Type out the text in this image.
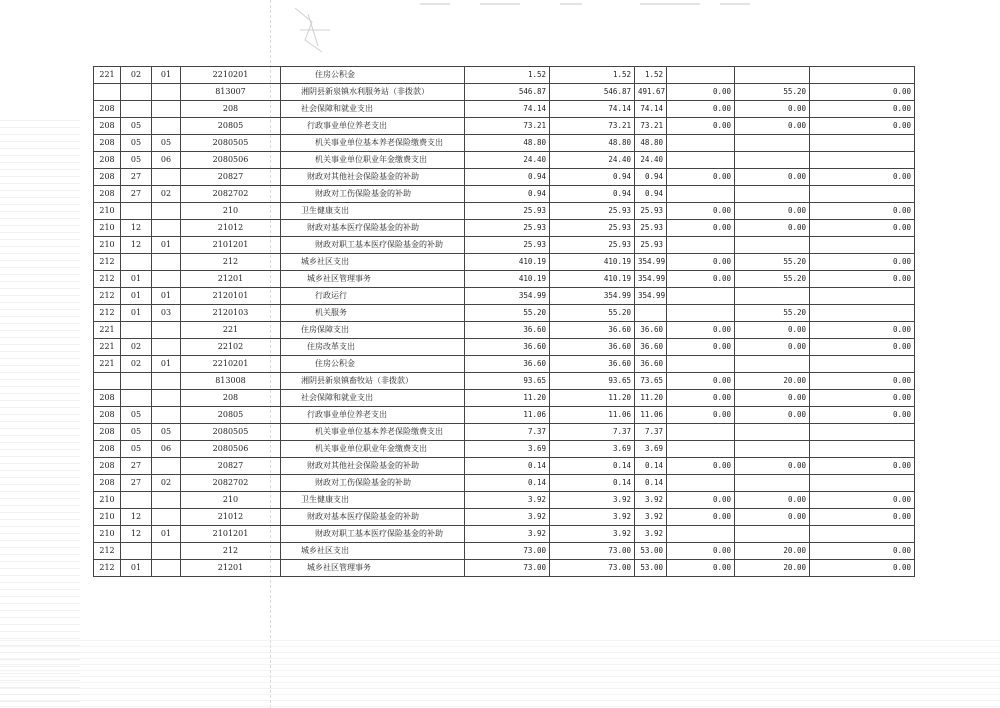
221	02	01	2210201	住房公积金	1.52	1.52	1.52			
			813007	湘阴县新泉镇水利服务站（非拨款）	546.87	546.87	491.67	0.00	55.20	0.00
208			208	社会保障和就业支出	74.14	74.14	74.14	0.00	0.00	0.00
208	05		20805	行政事业单位养老支出	73.21	73.21	73.21	0.00	0.00	0.00
208	05	05	2080505	机关事业单位基本养老保险缴费支出	48.80	48.80	48.80			
208	05	06	2080506	机关事业单位职业年金缴费支出	24.40	24.40	24.40			
208	27		20827	财政对其他社会保险基金的补助	0.94	0.94	0.94	0.00	0.00	0.00
208	27	02	2082702	财政对工伤保险基金的补助	0.94	0.94	0.94			
210			210	卫生健康支出	25.93	25.93	25.93	0.00	0.00	0.00
210	12		21012	财政对基本医疗保险基金的补助	25.93	25.93	25.93	0.00	0.00	0.00
210	12	01	2101201	财政对职工基本医疗保险基金的补助	25.93	25.93	25.93			
212			212	城乡社区支出	410.19	410.19	354.99	0.00	55.20	0.00
212	01		21201	城乡社区管理事务	410.19	410.19	354.99	0.00	55.20	0.00
212	01	01	2120101	行政运行	354.99	354.99	354.99			
212	01	03	2120103	机关服务	55.20	55.20			55.20	
221			221	住房保障支出	36.60	36.60	36.60	0.00	0.00	0.00
221	02		22102	住房改革支出	36.60	36.60	36.60	0.00	0.00	0.00
221	02	01	2210201	住房公积金	36.60	36.60	36.60			
			813008	湘阴县新泉镇畜牧站（非拨款）	93.65	93.65	73.65	0.00	20.00	0.00
208			208	社会保障和就业支出	11.20	11.20	11.20	0.00	0.00	0.00
208	05		20805	行政事业单位养老支出	11.06	11.06	11.06	0.00	0.00	0.00
208	05	05	2080505	机关事业单位基本养老保险缴费支出	7.37	7.37	7.37			
208	05	06	2080506	机关事业单位职业年金缴费支出	3.69	3.69	3.69			
208	27		20827	财政对其他社会保险基金的补助	0.14	0.14	0.14	0.00	0.00	0.00
208	27	02	2082702	财政对工伤保险基金的补助	0.14	0.14	0.14			
210			210	卫生健康支出	3.92	3.92	3.92	0.00	0.00	0.00
210	12		21012	财政对基本医疗保险基金的补助	3.92	3.92	3.92	0.00	0.00	0.00
210	12	01	2101201	财政对职工基本医疗保险基金的补助	3.92	3.92	3.92			
212			212	城乡社区支出	73.00	73.00	53.00	0.00	20.00	0.00
212	01		21201	城乡社区管理事务	73.00	73.00	53.00	0.00	20.00	0.00
